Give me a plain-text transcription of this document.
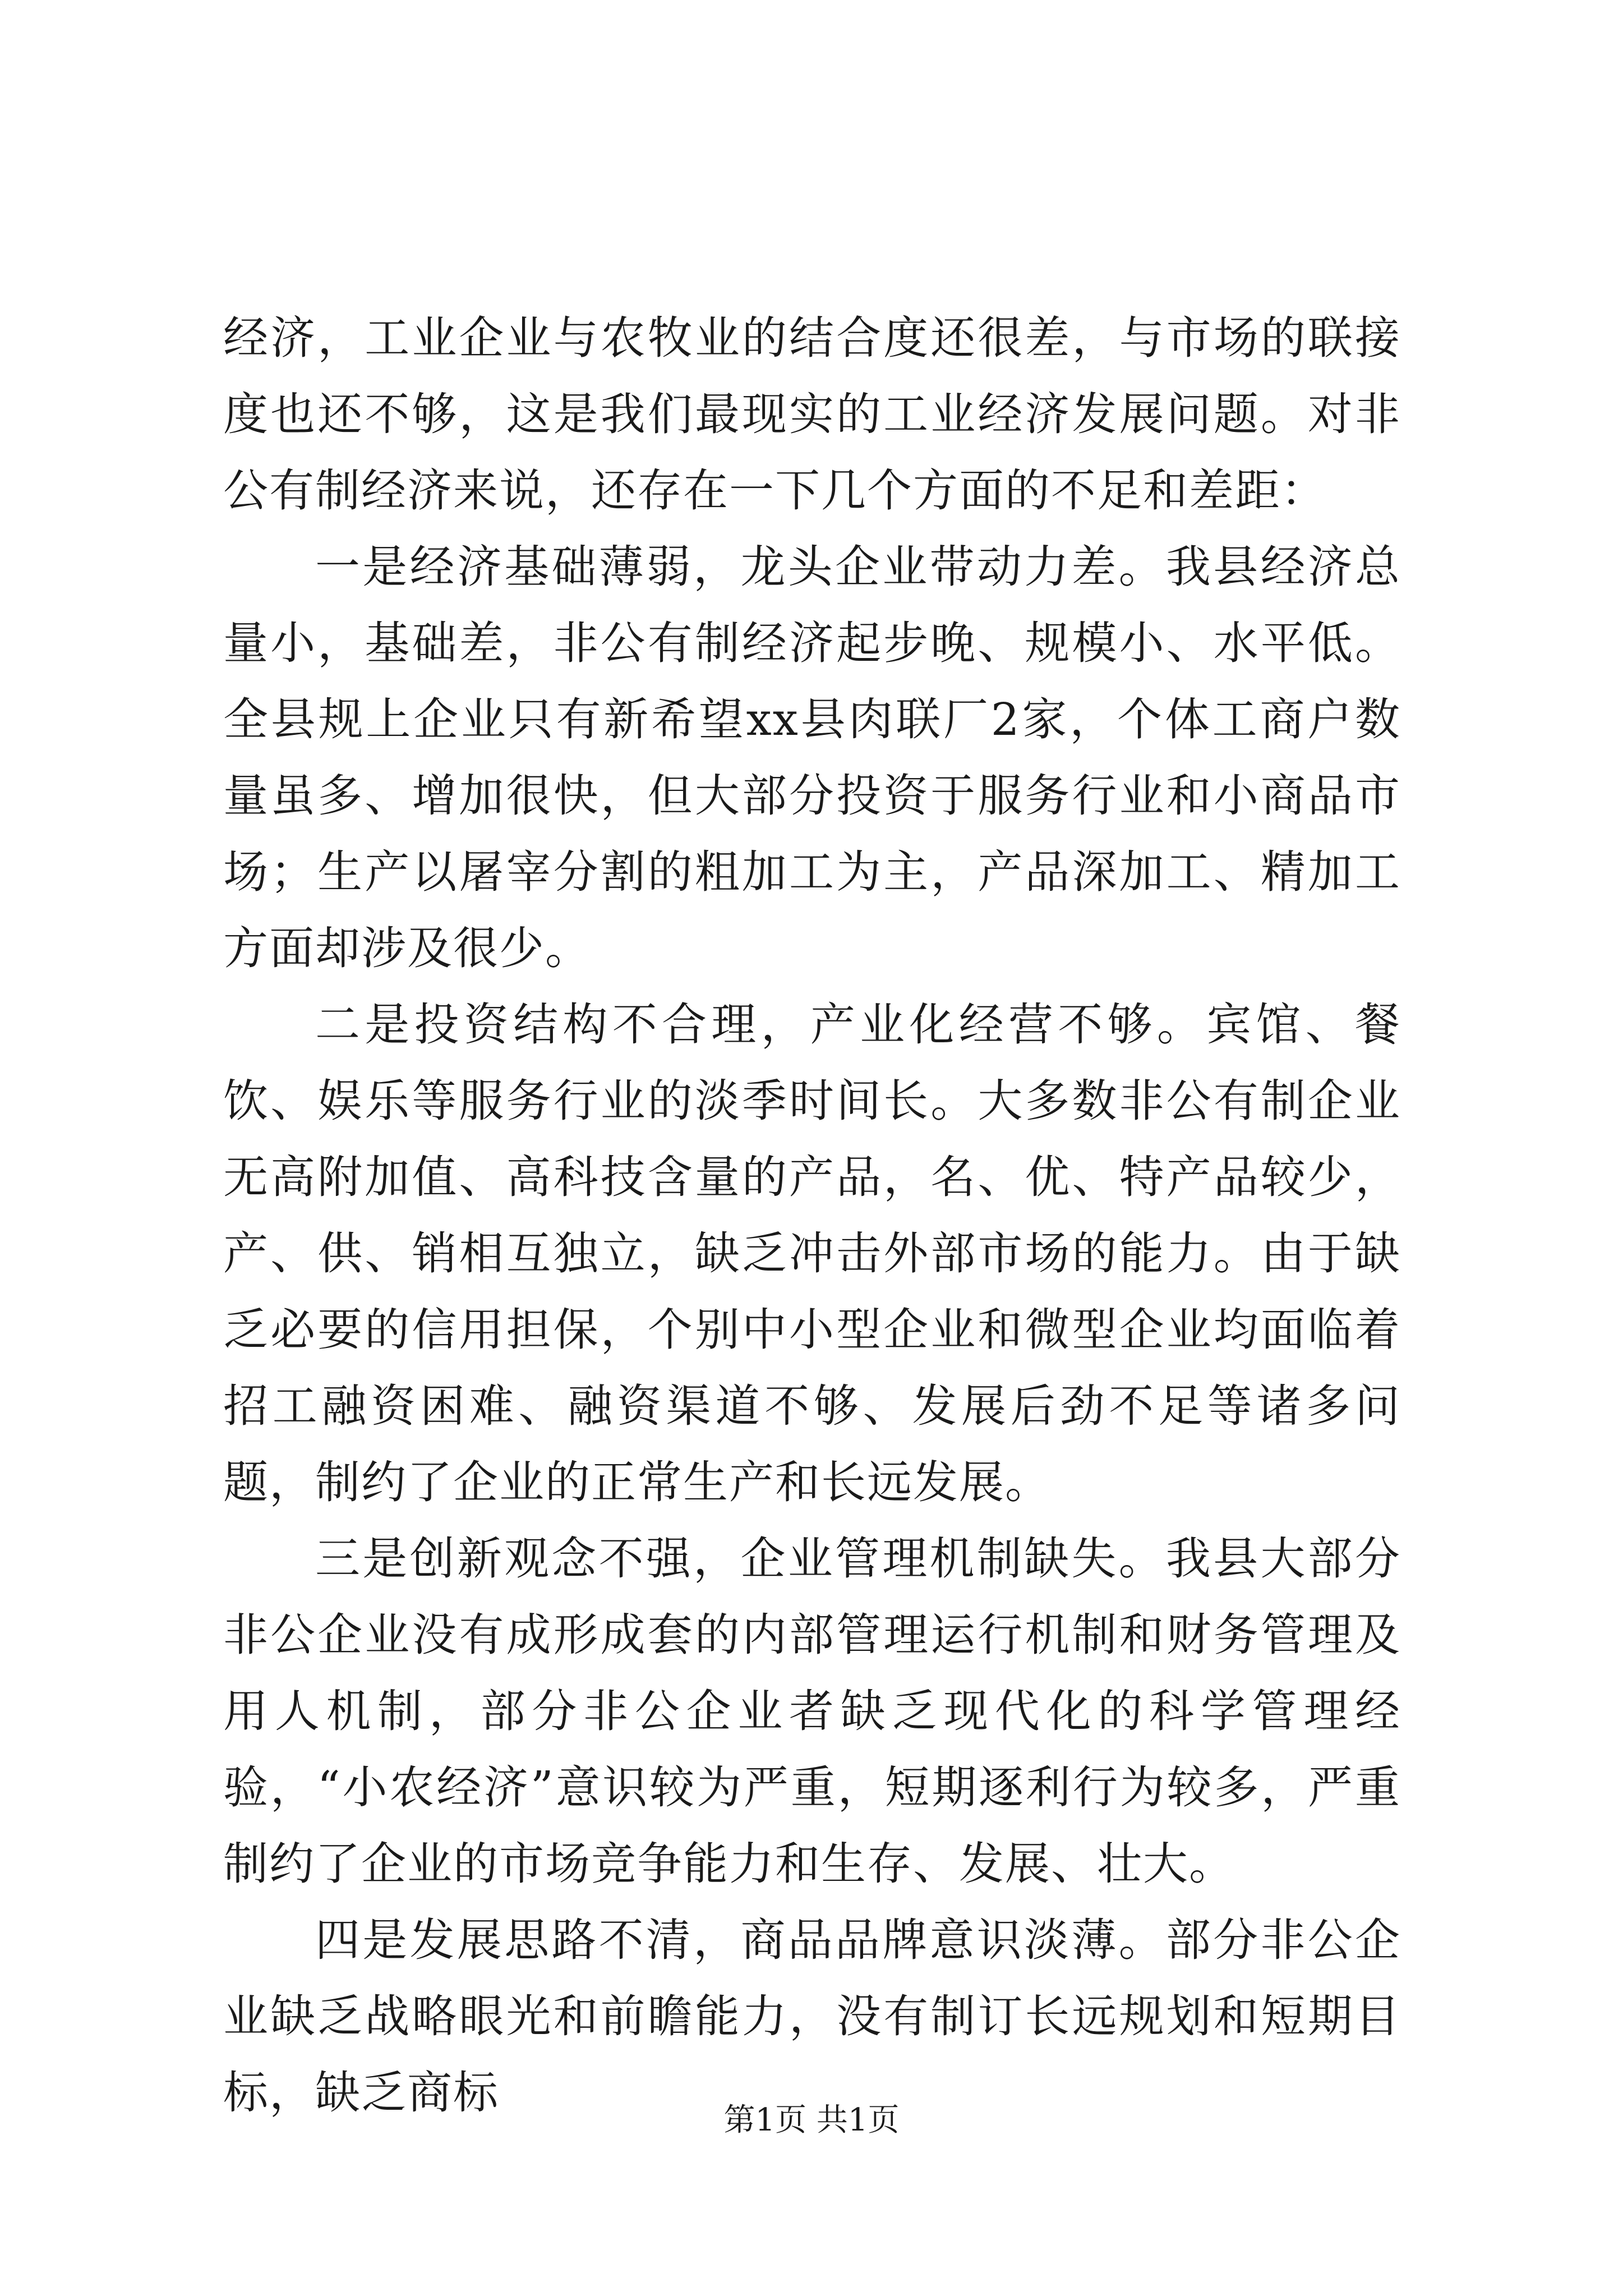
经济，工业企业与农牧业的结合度还很差，与市场的联接度也还不够，这是我们最现实的工业经济发展问题。对非公有制经济来说，还存在一下几个方面的不足和差距：

一是经济基础薄弱，龙头企业带动力差。我县经济总量小，基础差，非公有制经济起步晚、规模小、水平低。全县规上企业只有新希望xx县肉联厂2家，个体工商户数量虽多、增加很快，但大部分投资于服务行业和小商品市场；生产以屠宰分割的粗加工为主，产品深加工、精加工方面却涉及很少。

二是投资结构不合理，产业化经营不够。宾馆、餐饮、娱乐等服务行业的淡季时间长。大多数非公有制企业无高附加值、高科技含量的产品，名、优、特产品较少，产、供、销相互独立，缺乏冲击外部市场的能力。由于缺乏必要的信用担保，个别中小型企业和微型企业均面临着招工融资困难、融资渠道不够、发展后劲不足等诸多问题，制约了企业的正常生产和长远发展。

三是创新观念不强，企业管理机制缺失。我县大部分非公企业没有成形成套的内部管理运行机制和财务管理及用人机制，部分非公企业者缺乏现代化的科学管理经验，“小农经济”意识较为严重，短期逐利行为较多，严重制约了企业的市场竞争能力和生存、发展、壮大。

四是发展思路不清，商品品牌意识淡薄。部分非公企业缺乏战略眼光和前瞻能力，没有制订长远规划和短期目标，缺乏商标

第1页 共1页
